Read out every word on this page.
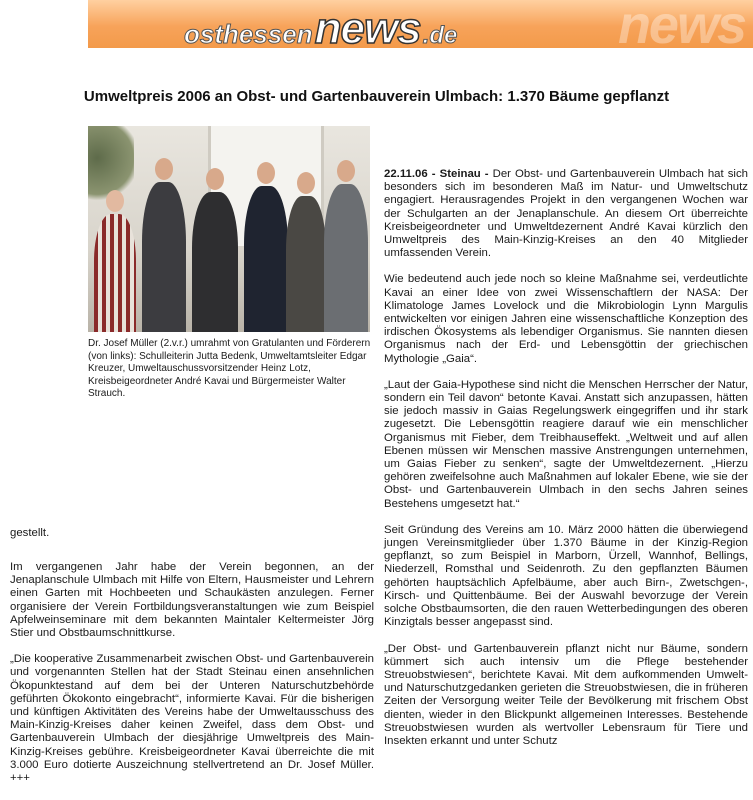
news
osthessen news .de
Umweltpreis 2006 an Obst- und Gartenbauverein Ulmbach: 1.370 Bäume gepflanzt
Dr. Josef Müller (2.v.r.) umrahmt von Gratulanten und Förderern (von links): Schulleiterin Jutta Bedenk, Umweltamtsleiter Edgar Kreuzer, Umweltauschussvorsitzender Heinz Lotz, Kreisbeigeordneter André Kavai und Bürgermeister Walter Strauch.

22.11.06 - Steinau - Der Obst- und Gartenbauverein Ulmbach hat sich besonders sich im besonderen Maß im Natur- und Umweltschutz engagiert. Herausragendes Projekt in den vergangenen Wochen war der Schulgarten an der Jenaplanschule. An diesem Ort überreichte Kreisbeigeordneter und Umweltdezernent André Kavai kürzlich den Umweltpreis des Main-Kinzig-Kreises an den 40 Mitglieder umfassenden Verein.

Wie bedeutend auch jede noch so kleine Maßnahme sei, verdeutlichte Kavai an einer Idee von zwei Wissenschaftlern der NASA: Der Klimatologe James Lovelock und die Mikrobiologin Lynn Margulis entwickelten vor einigen Jahren eine wissenschaftliche Konzeption des irdischen Ökosystems als lebendiger Organismus. Sie nannten diesen Organismus nach der Erd- und Lebensgöttin der griechischen Mythologie „Gaia“.

„Laut der Gaia-Hypothese sind nicht die Menschen Herrscher der Natur, sondern ein Teil davon“ betonte Kavai. Anstatt sich anzupassen, hätten sie jedoch massiv in Gaias Regelungswerk eingegriffen und ihr stark zugesetzt. Die Lebensgöttin reagiere darauf wie ein menschlicher Organismus mit Fieber, dem Treibhauseffekt. „Weltweit und auf allen Ebenen müssen wir Menschen massive Anstrengungen unternehmen, um Gaias Fieber zu senken“, sagte der Umweltdezernent. „Hierzu gehören zweifelsohne auch Maßnahmen auf lokaler Ebene, wie sie der Obst- und Gartenbauverein Ulmbach in den sechs Jahren seines Bestehens umgesetzt hat.“

Seit Gründung des Vereins am 10. März 2000 hätten die überwiegend jungen Vereinsmitglieder über 1.370 Bäume in der Kinzig-Region gepflanzt, so zum Beispiel in Marborn, Ürzell, Wannhof, Bellings, Niederzell, Romsthal und Seidenroth. Zu den gepflanzten Bäumen gehörten hauptsächlich Apfelbäume, aber auch Birn-, Zwetschgen-, Kirsch- und Quittenbäume. Bei der Auswahl bevorzuge der Verein solche Obstbaumsorten, die den rauen Wetterbedingungen des oberen Kinzigtals besser angepasst sind.

„Der Obst- und Gartenbauverein pflanzt nicht nur Bäume, sondern kümmert sich auch intensiv um die Pflege bestehender Streuobstwiesen“, berichtete Kavai. Mit dem aufkommenden Umwelt- und Naturschutzgedanken gerieten die Streuobstwiesen, die in früheren Zeiten der Versorgung weiter Teile der Bevölkerung mit frischem Obst dienten, wieder in den Blickpunkt allgemeinen Interesses. Bestehende Streuobstwiesen wurden als wertvoller Lebensraum für Tiere und Insekten erkannt und unter Schutz

gestellt.

Im vergangenen Jahr habe der Verein begonnen, an der Jenaplanschule Ulmbach mit Hilfe von Eltern, Hausmeister und Lehrern einen Garten mit Hochbeeten und Schaukästen anzulegen. Ferner organisiere der Verein Fortbildungsveranstaltungen wie zum Beispiel Apfelweinseminare mit dem bekannten Maintaler Keltermeister Jörg Stier und Obstbaumschnittkurse.

„Die kooperative Zusammenarbeit zwischen Obst- und Gartenbauverein und vorgenannten Stellen hat der Stadt Steinau einen ansehnlichen Ökopunktestand auf dem bei der Unteren Naturschutzbehörde geführten Ökokonto eingebracht“, informierte Kavai. Für die bisherigen und künftigen Aktivitäten des Vereins habe der Umweltausschuss des Main-Kinzig-Kreises daher keinen Zweifel, dass dem Obst- und Gartenbauverein Ulmbach der diesjährige Umweltpreis des Main-Kinzig-Kreises gebühre. Kreisbeigeordneter Kavai überreichte die mit 3.000 Euro dotierte Auszeichnung stellvertretend an Dr. Josef Müller. +++
